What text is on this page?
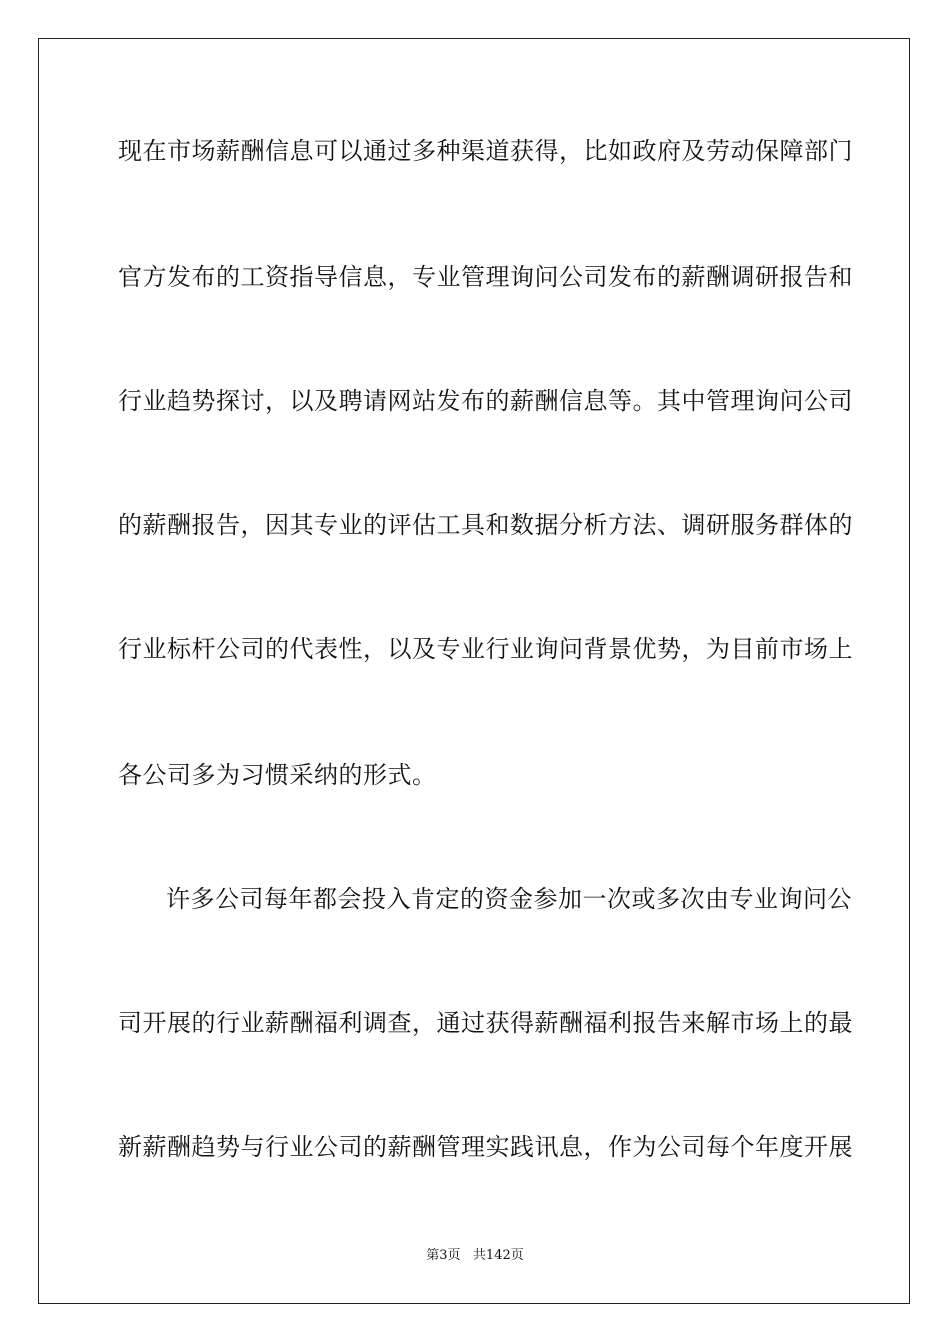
现在市场薪酬信息可以通过多种渠道获得，比如政府及劳动保障部门
官方发布的工资指导信息，专业管理询问公司发布的薪酬调研报告和
行业趋势探讨，以及聘请网站发布的薪酬信息等。其中管理询问公司
的薪酬报告，因其专业的评估工具和数据分析方法、调研服务群体的
行业标杆公司的代表性，以及专业行业询问背景优势，为目前市场上
各公司多为习惯采纳的形式。
许多公司每年都会投入肯定的资金参加一次或多次由专业询问公
司开展的行业薪酬福利调查，通过获得薪酬福利报告来解市场上的最
新薪酬趋势与行业公司的薪酬管理实践讯息，作为公司每个年度开展
第3页   共142页
